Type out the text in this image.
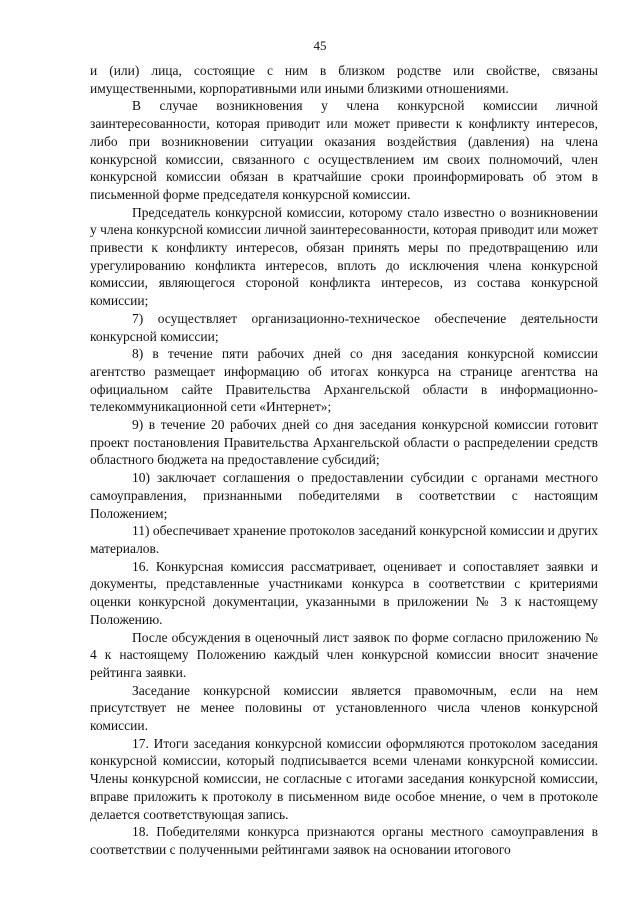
45

и (или) лица, состоящие с ним в близком родстве или свойстве, связаны имущественными, корпоративными или иными близкими отношениями.

В случае возникновения у члена конкурсной комиссии личной заинтересованности, которая приводит или может привести к конфликту интересов, либо при возникновении ситуации оказания воздействия (давления) на члена конкурсной комиссии, связанного с осуществлением им своих полномочий, член конкурсной комиссии обязан в кратчайшие сроки проинформировать об этом в письменной форме председателя конкурсной комиссии.

Председатель конкурсной комиссии, которому стало известно о возникновении у члена конкурсной комиссии личной заинтересованности, которая приводит или может привести к конфликту интересов, обязан принять меры по предотвращению или урегулированию конфликта интересов, вплоть до исключения члена конкурсной комиссии, являющегося стороной конфликта интересов, из состава конкурсной комиссии;

7) осуществляет организационно-техническое обеспечение деятельности конкурсной комиссии;

8) в течение пяти рабочих дней со дня заседания конкурсной комиссии агентство размещает информацию об итогах конкурса на странице агентства на официальном сайте Правительства Архангельской области в информационно-телекоммуникационной сети «Интернет»;

9) в течение 20 рабочих дней со дня заседания конкурсной комиссии готовит проект постановления Правительства Архангельской области о распределении средств областного бюджета на предоставление субсидий;

10) заключает соглашения о предоставлении субсидии с органами местного самоуправления, признанными победителями в соответствии с настоящим Положением;

11) обеспечивает хранение протоколов заседаний конкурсной комиссии и других материалов.

16. Конкурсная комиссия рассматривает, оценивает и сопоставляет заявки и документы, представленные участниками конкурса в соответствии с критериями оценки конкурсной документации, указанными в приложении № 3 к настоящему Положению.

После обсуждения в оценочный лист заявок по форме согласно приложению № 4 к настоящему Положению каждый член конкурсной комиссии вносит значение рейтинга заявки.

Заседание конкурсной комиссии является правомочным, если на нем присутствует не менее половины от установленного числа членов конкурсной комиссии.

17. Итоги заседания конкурсной комиссии оформляются протоколом заседания конкурсной комиссии, который подписывается всеми членами конкурсной комиссии. Члены конкурсной комиссии, не согласные с итогами заседания конкурсной комиссии, вправе приложить к протоколу в письменном виде особое мнение, о чем в протоколе делается соответствующая запись.

18. Победителями конкурса признаются органы местного самоуправления в соответствии с полученными рейтингами заявок на основании итогового
